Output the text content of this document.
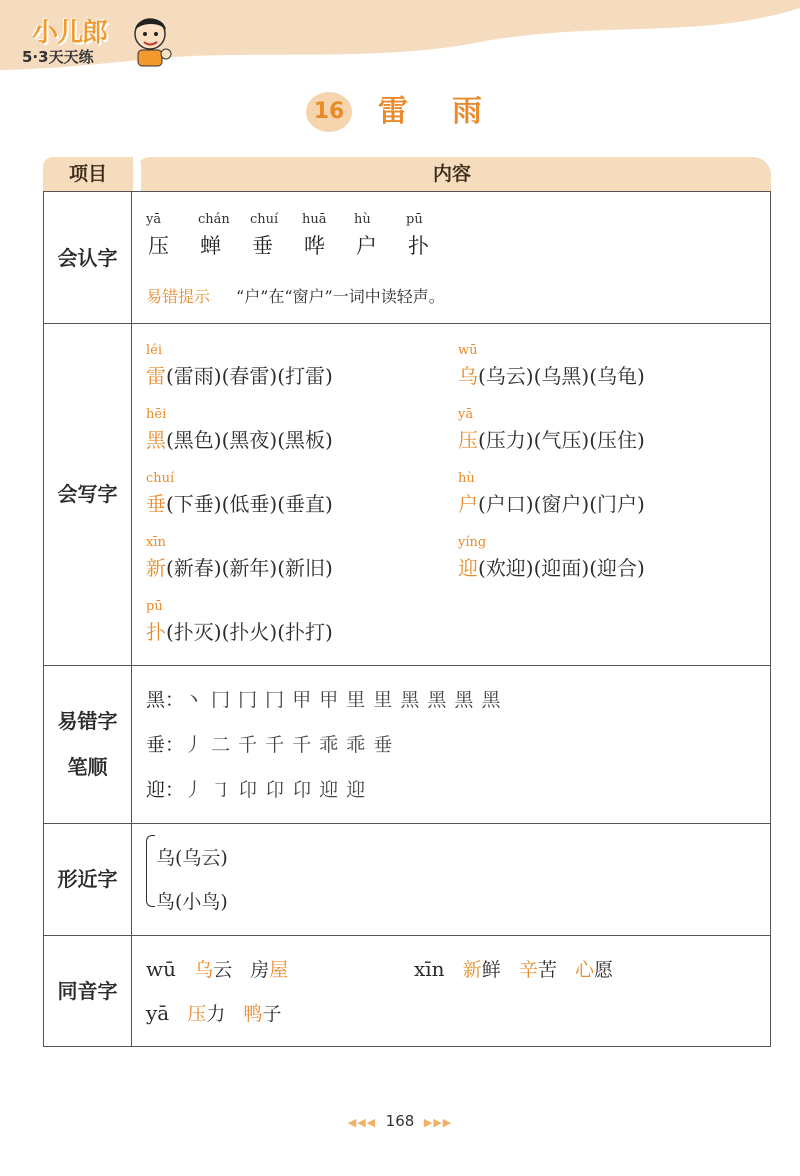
小儿郎
5·3天天练
16 雷雨
项目	内容
会认字
yā
压
chán
蝉
chuí
垂
huā
哗
hù
户
pū
扑
易错提示 “户”在“窗户”一词中读轻声。
会写字
léi
雷(雷雨)(春雷)(打雷)
wū
乌(乌云)(乌黑)(乌龟)
hēi
黑(黑色)(黑夜)(黑板)
yā
压(压力)(气压)(压住)
chuí
垂(下垂)(低垂)(垂直)
hù
户(户口)(窗户)(门户)
xīn
新(新春)(新年)(新旧)
yíng
迎(欢迎)(迎面)(迎合)
pū
扑(扑灭)(扑火)(扑打)
易错字
笔顺
黑：丶 冂 冂 冂 甲 甲 里 里 黑 黑 黑 黑
垂：丿 二 千 千 千 乖 乖 垂
迎：丿 ㇆ 卬 卬 卬 迎 迎
形近字
乌(乌云)
鸟(小鸟)
同音字
wū 乌云 房屋	xīn 新鲜 辛苦 心愿
yā 压力 鸭子
◀◀◀ 168 ▶▶▶
